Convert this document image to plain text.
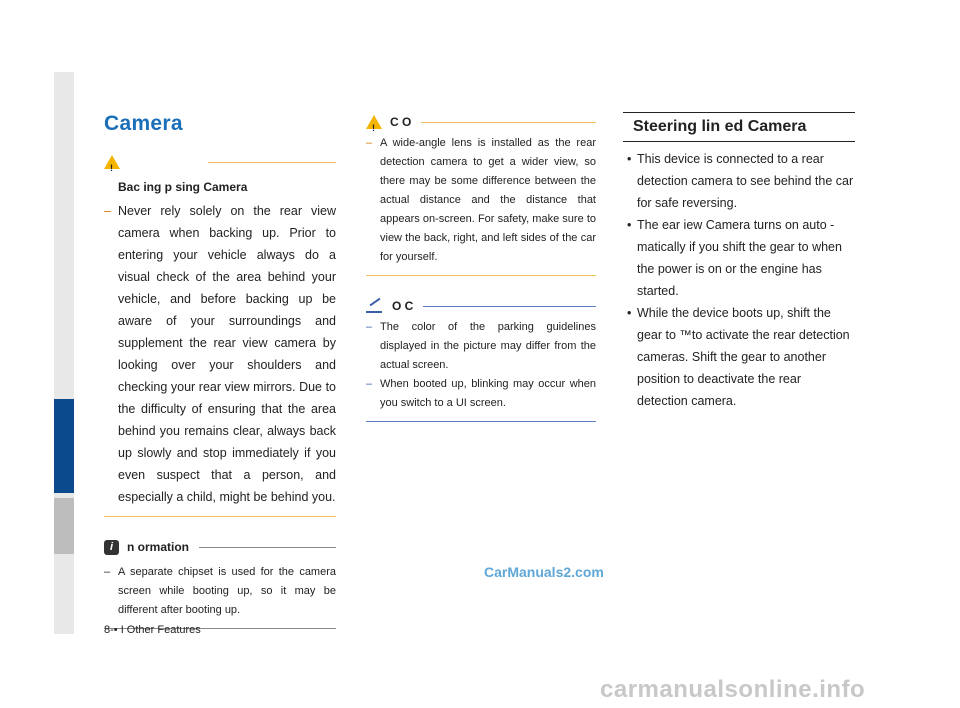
Camera
!
Bac ing p sing Camera
– Never rely solely on the rear view camera when backing up. Prior to entering your vehicle always do a visual check of the area behind your vehicle, and before backing up be aware of your surroundings and supplement the rear view camera by looking over your shoulders and checking your rear view mirrors. Due to the difficulty of ensuring that the area behind you remains clear, always back up slowly and stop immediately if you even suspect that a person, and especially a child, might be behind you.
i	n ormation
– A separate chipset is used for the camera screen while booting up, so it may be different after booting up.
! C O
– A wide-angle lens is installed as the rear detection camera to get a wider view, so there may be some difference between the actual distance and the distance that appears on-screen. For safety, make sure to view the back, right, and left sides of the car for yourself.
O C
– The color of the parking guidelines displayed in the picture may differ from the actual screen.
– When booted up, blinking may occur when you switch to a UI screen.
Steering lin ed Camera
• This device is connected to a rear detection camera to see behind the car for safe reversing.
• The ear iew Camera turns on auto -matically if you shift the gear to when the power is on or the engine has started.
• While the device boots up, shift the gear to ™to activate the rear detection cameras. Shift the gear to another position to deactivate the rear detection camera.
CarManuals2.com
carmanualsonline.info
8-• I Other Features
